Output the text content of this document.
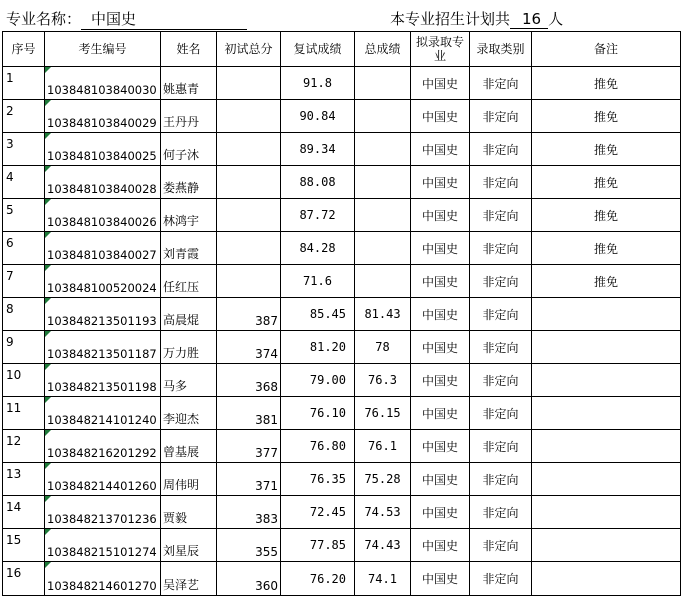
专业名称： 中国史	本专业招生计划共 16 人
序号	考生编号	姓名	初试总分	复试成绩	总成绩	拟录取专业	录取类别	备注
1	103848103840030	姚惠青		91.8		中国史	非定向	推免
2	103848103840029	王丹丹		90.84		中国史	非定向	推免
3	103848103840025	何子沐		89.34		中国史	非定向	推免
4	103848103840028	娄燕静		88.08		中国史	非定向	推免
5	103848103840026	林鸿宇		87.72		中国史	非定向	推免
6	103848103840027	刘青霞		84.28		中国史	非定向	推免
7	103848100520024	任红压		71.6		中国史	非定向	推免
8	103848213501193	高晨焜	387	85.45	81.43	中国史	非定向	
9	103848213501187	万力胜	374	81.20	78	中国史	非定向	
10	103848213501198	马多	368	79.00	76.3	中国史	非定向	
11	103848214101240	李迎杰	381	76.10	76.15	中国史	非定向	
12	103848216201292	曾基展	377	76.80	76.1	中国史	非定向	
13	103848214401260	周伟明	371	76.35	75.28	中国史	非定向	
14	103848213701236	贾毅	383	72.45	74.53	中国史	非定向	
15	103848215101274	刘星辰	355	77.85	74.43	中国史	非定向	
16	103848214601270	吴泽艺	360	76.20	74.1	中国史	非定向	
